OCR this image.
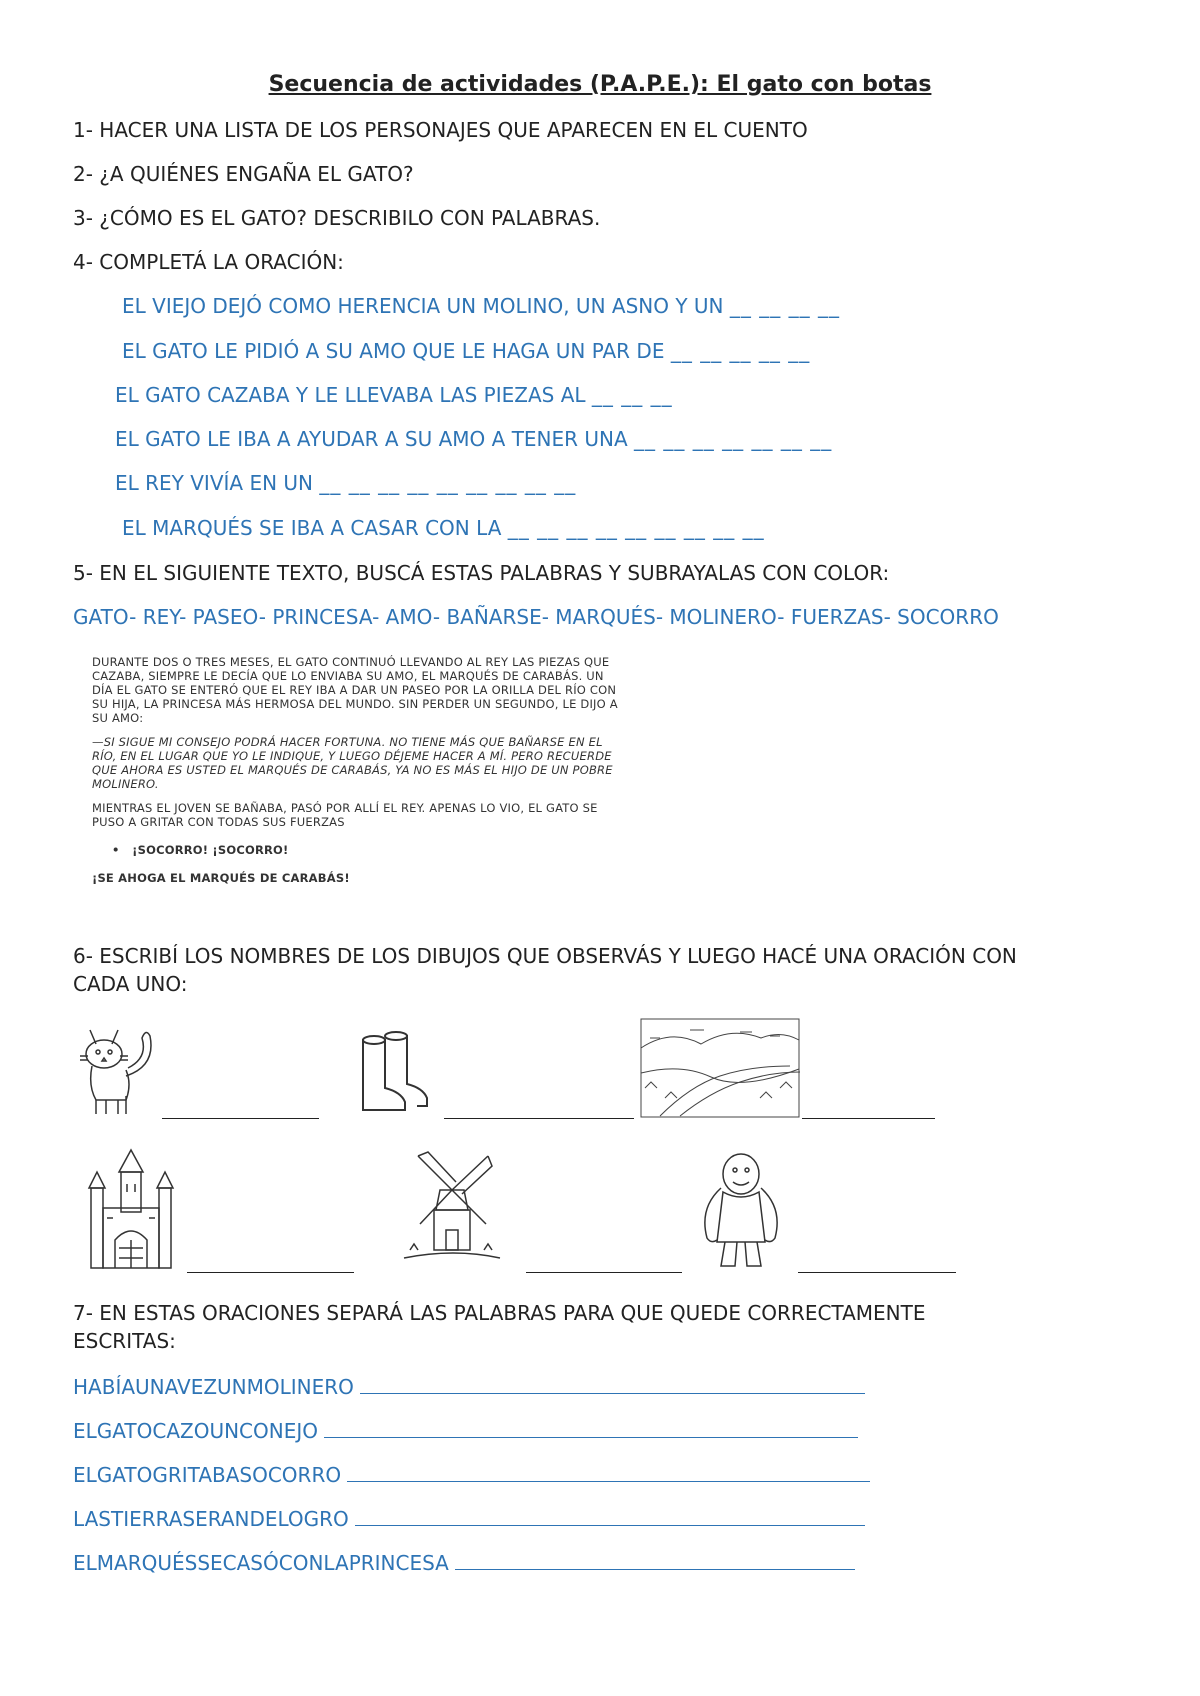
Secuencia de actividades (P.A.P.E.): El gato con botas
1- HACER UNA LISTA DE LOS PERSONAJES QUE APARECEN EN EL CUENTO
2- ¿A QUIÉNES ENGAÑA EL GATO?
3- ¿CÓMO ES EL GATO? DESCRIBILO CON PALABRAS.
4- COMPLETÁ LA ORACIÓN:
EL VIEJO DEJÓ COMO HERENCIA UN MOLINO, UN ASNO Y UN __ __ __ __
EL GATO LE PIDIÓ A SU AMO QUE LE HAGA UN PAR DE __ __ __ __ __
EL GATO CAZABA Y LE LLEVABA LAS PIEZAS AL __ __ __
EL GATO LE IBA A AYUDAR A SU AMO A TENER UNA __ __ __ __ __ __ __
EL REY VIVÍA EN UN __ __ __ __ __ __ __ __ __
EL MARQUÉS SE IBA A CASAR CON LA __ __ __ __ __ __ __ __ __
5- EN EL SIGUIENTE TEXTO, BUSCÁ ESTAS PALABRAS Y SUBRAYALAS CON COLOR:
GATO- REY- PASEO- PRINCESA- AMO- BAÑARSE- MARQUÉS- MOLINERO- FUERZAS- SOCORRO

DURANTE DOS O TRES MESES, EL GATO CONTINUÓ LLEVANDO AL REY LAS PIEZAS QUE CAZABA, SIEMPRE LE DECÍA QUE LO ENVIABA SU AMO, EL MARQUÉS DE CARABÁS. UN DÍA EL GATO SE ENTERÓ QUE EL REY IBA A DAR UN PASEO POR LA ORILLA DEL RÍO CON SU HIJA, LA PRINCESA MÁS HERMOSA DEL MUNDO. SIN PERDER UN SEGUNDO, LE DIJO A SU AMO:

—SI SIGUE MI CONSEJO PODRÁ HACER FORTUNA. NO TIENE MÁS QUE BAÑARSE EN EL RÍO, EN EL LUGAR QUE YO LE INDIQUE, Y LUEGO DÉJEME HACER A MÍ. PERO RECUERDE QUE AHORA ES USTED EL MARQUÉS DE CARABÁS, YA NO ES MÁS EL HIJO DE UN POBRE MOLINERO.

MIENTRAS EL JOVEN SE BAÑABA, PASÓ POR ALLÍ EL REY. APENAS LO VIO, EL GATO SE PUSO A GRITAR CON TODAS SUS FUERZAS

•   ¡SOCORRO! ¡SOCORRO!

¡SE AHOGA EL MARQUÉS DE CARABÁS!

6- ESCRIBÍ LOS NOMBRES DE LOS DIBUJOS QUE OBSERVÁS Y LUEGO HACÉ UNA ORACIÓN CON
CADA UNO:
7- EN ESTAS ORACIONES SEPARÁ LAS PALABRAS PARA QUE QUEDE CORRECTAMENTE
ESCRITAS:
HABÍAUNAVEZUNMOLINERO
ELGATOCAZOUNCONEJO
ELGATOGRITABASOCORRO
LASTIERRASERANDELOGRO
ELMARQUÉSSECASÓCONLAPRINCESA
